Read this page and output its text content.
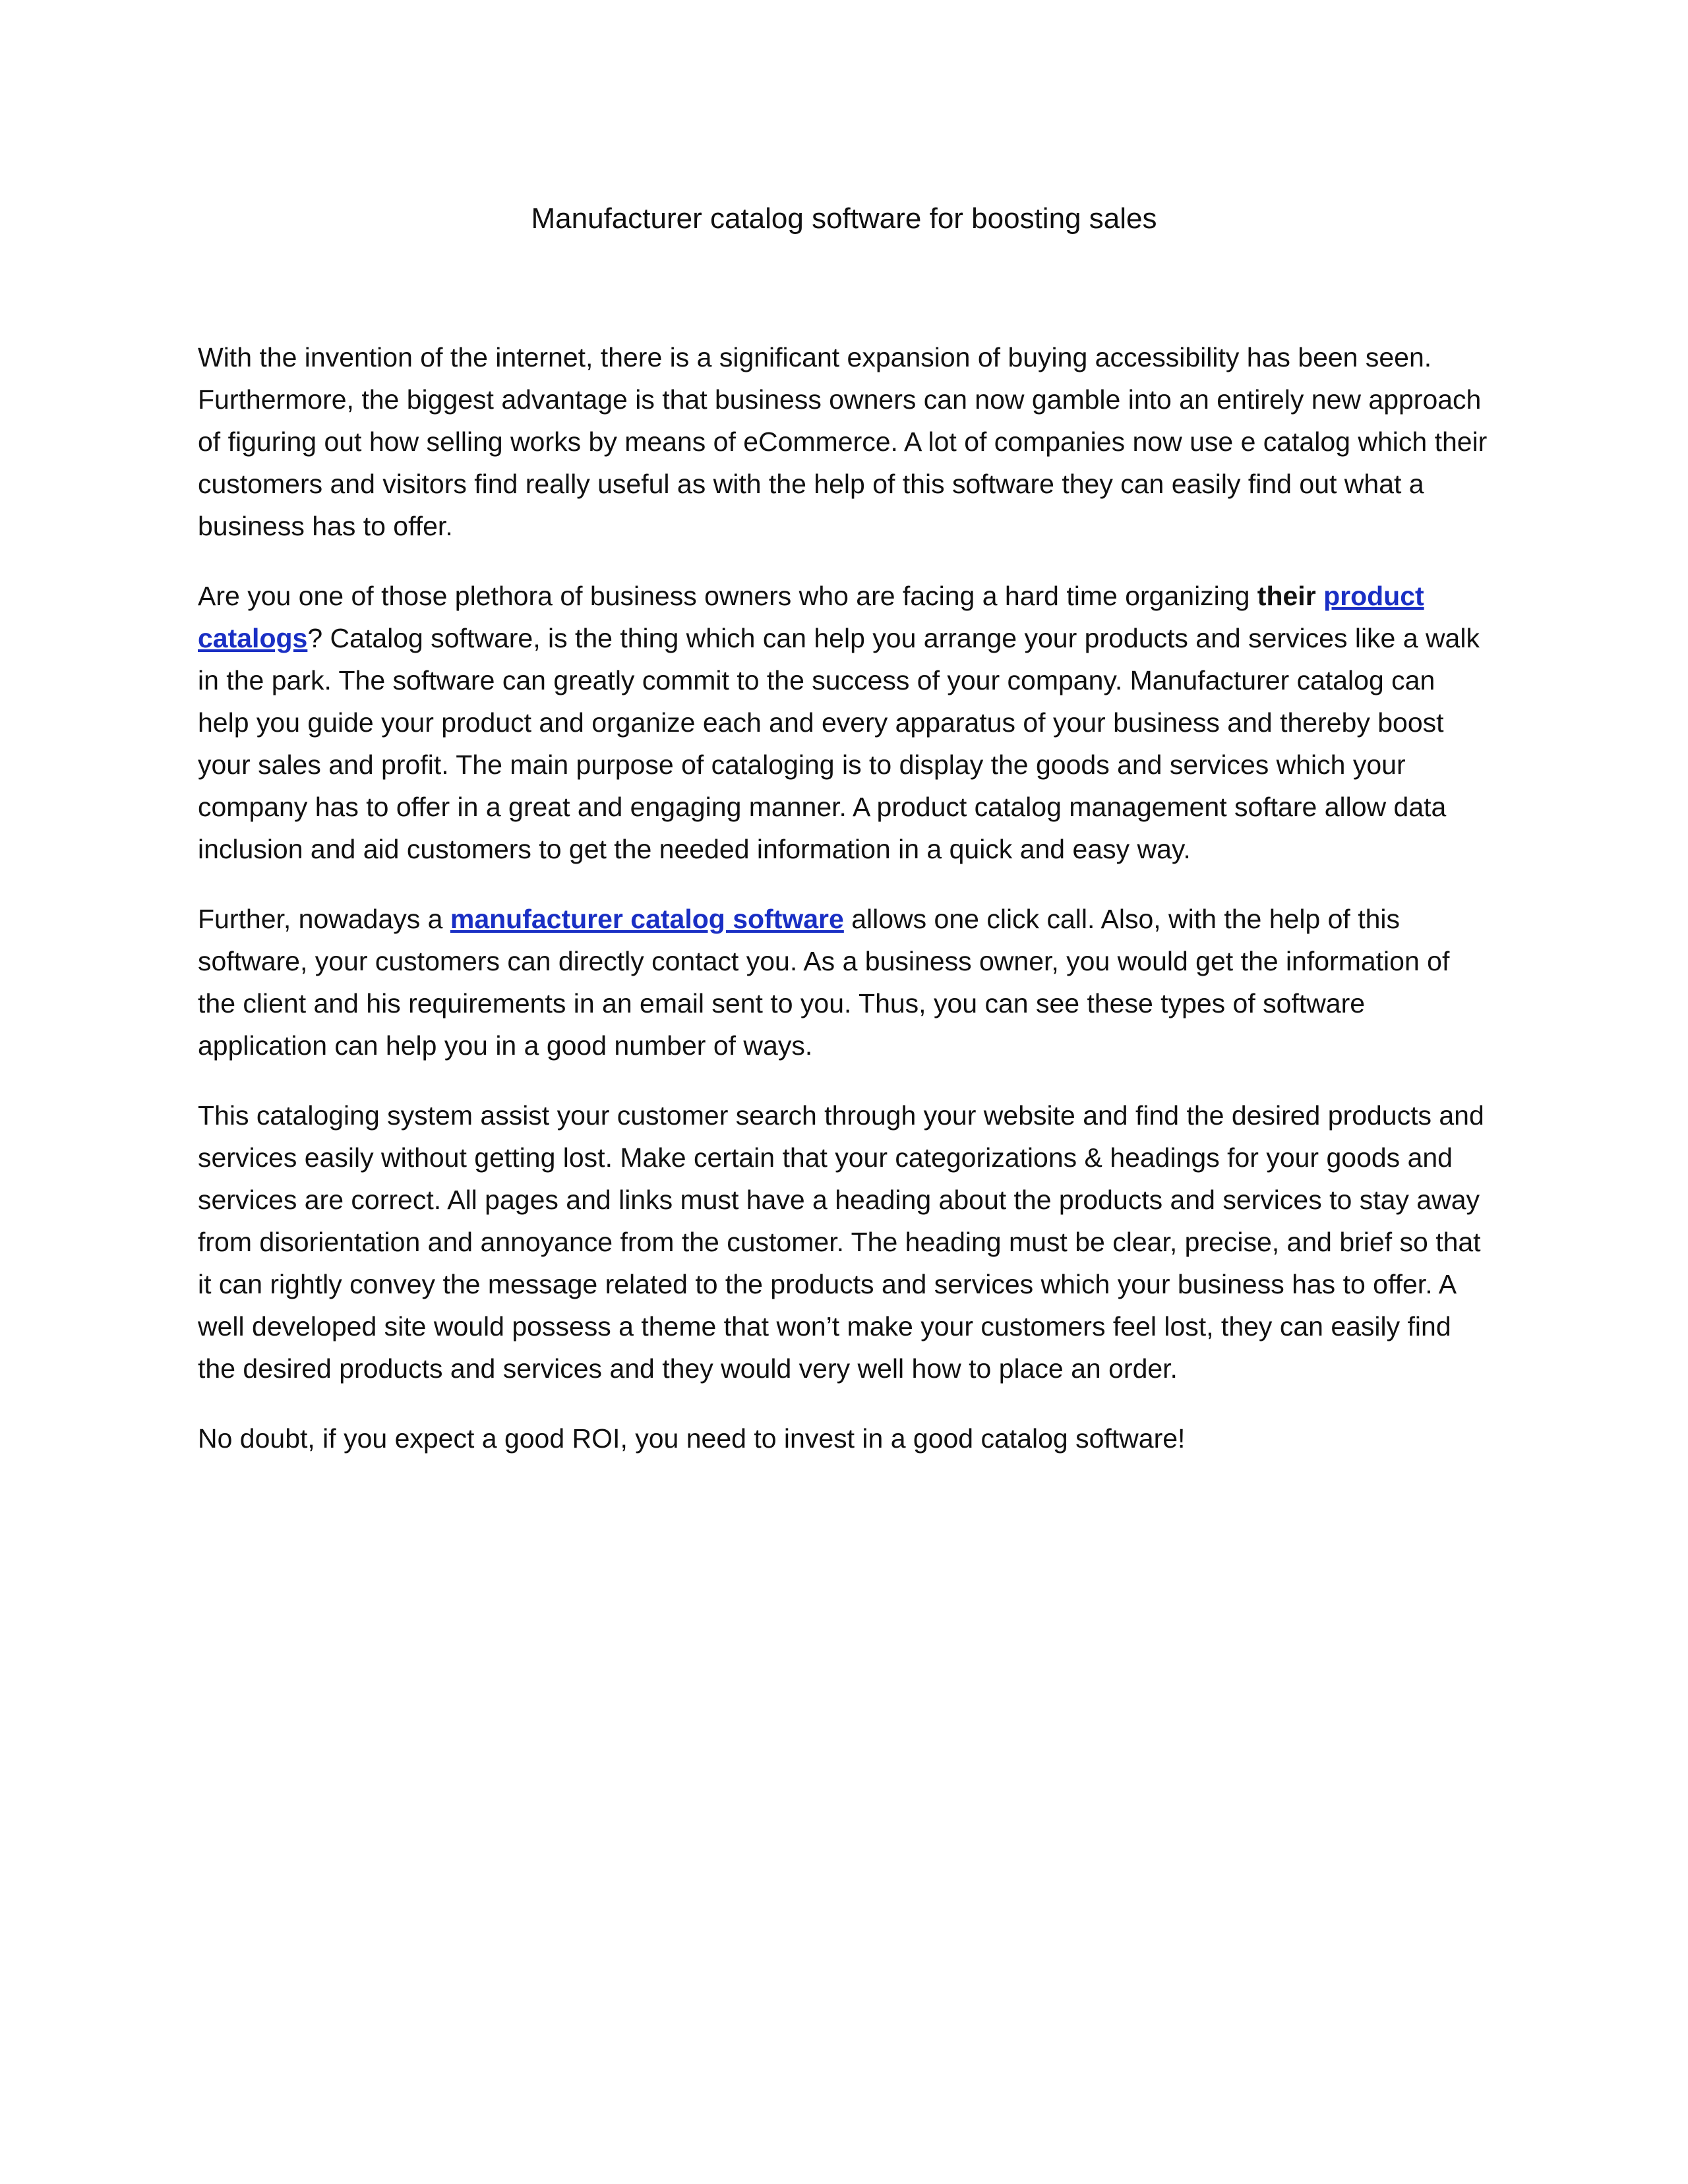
Manufacturer catalog software for boosting sales

With the invention of the internet, there is a significant expansion of buying accessibility has been seen. Furthermore, the biggest advantage is that business owners can now gamble into an entirely new approach of figuring out how selling works by means of eCommerce. A lot of companies now use e catalog which their customers and visitors find really useful as with the help of this software they can easily find out what a business has to offer.

Are you one of those plethora of business owners who are facing a hard time organizing their product catalogs? Catalog software, is the thing which can help you arrange your products and services like a walk in the park. The software can greatly commit to the success of your company. Manufacturer catalog can help you guide your product and organize each and every apparatus of your business and thereby boost your sales and profit. The main purpose of cataloging is to display the goods and services which your company has to offer in a great and engaging manner. A product catalog management softare allow data inclusion and aid customers to get the needed information in a quick and easy way.

Further, nowadays a manufacturer catalog software allows one click call. Also, with the help of this software, your customers can directly contact you. As a business owner, you would get the information of the client and his requirements in an email sent to you. Thus, you can see these types of software application can help you in a good number of ways.

This cataloging system assist your customer search through your website and find the desired products and services easily without getting lost. Make certain that your categorizations & headings for your goods and services are correct. All pages and links must have a heading about the products and services to stay away from disorientation and annoyance from the customer. The heading must be clear, precise, and brief so that it can rightly convey the message related to the products and services which your business has to offer. A well developed site would possess a theme that won’t make your customers feel lost, they can easily find the desired products and services and they would very well how to place an order.

No doubt, if you expect a good ROI, you need to invest in a good catalog software!
